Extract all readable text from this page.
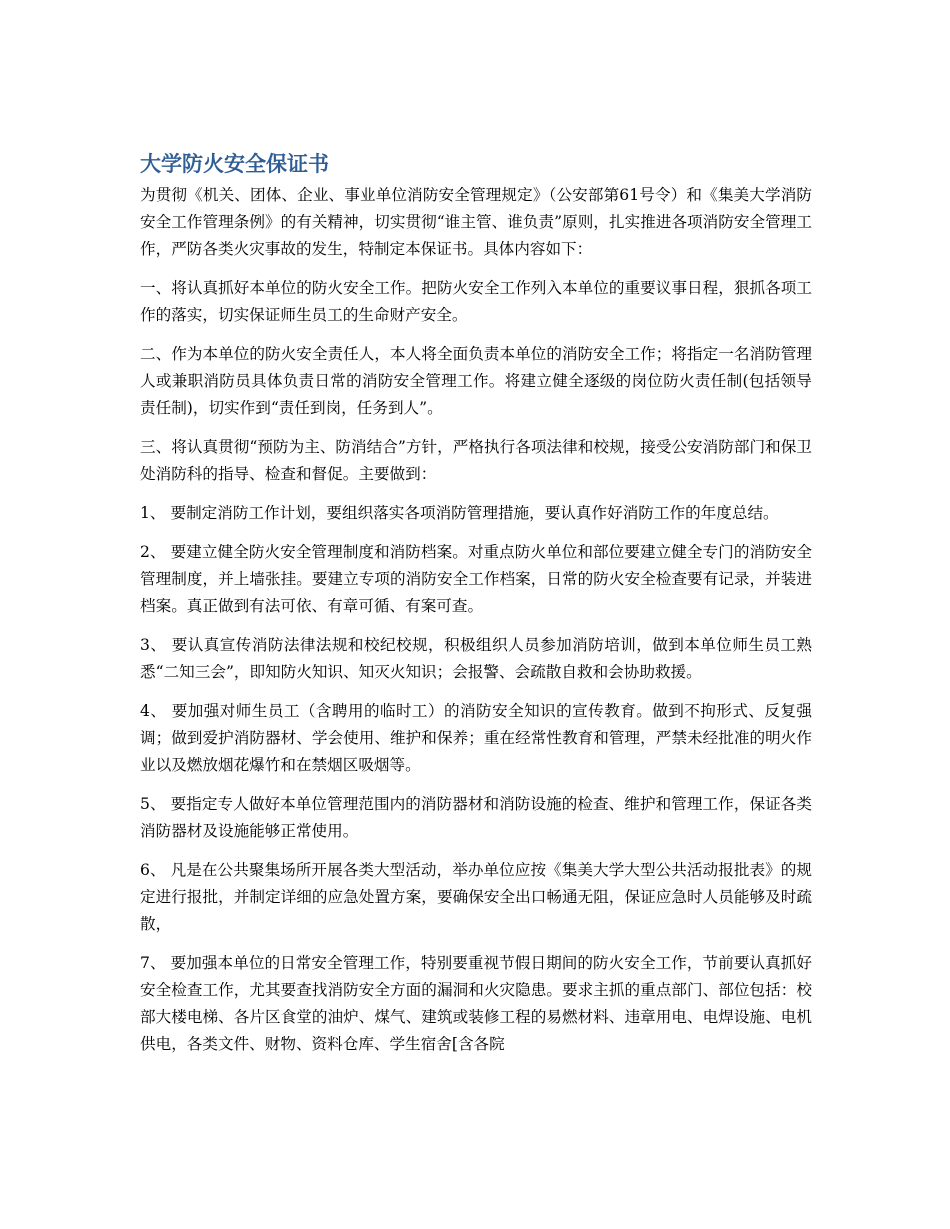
大学防火安全保证书

为贯彻《机关、团体、企业、事业单位消防安全管理规定》（公安部第61号令）和《集美大学消防安全工作管理条例》的有关精神，切实贯彻“谁主管、谁负责”原则，扎实推进各项消防安全管理工作，严防各类火灾事故的发生，特制定本保证书。具体内容如下：

一、将认真抓好本单位的防火安全工作。把防火安全工作列入本单位的重要议事日程，狠抓各项工作的落实，切实保证师生员工的生命财产安全。

二、作为本单位的防火安全责任人，本人将全面负责本单位的消防安全工作；将指定一名消防管理人或兼职消防员具体负责日常的消防安全管理工作。将建立健全逐级的岗位防火责任制(包括领导责任制)，切实作到“责任到岗，任务到人”。

三、将认真贯彻“预防为主、防消结合”方针，严格执行各项法律和校规，接受公安消防部门和保卫处消防科的指导、检查和督促。主要做到：

1、 要制定消防工作计划，要组织落实各项消防管理措施，要认真作好消防工作的年度总结。

2、 要建立健全防火安全管理制度和消防档案。对重点防火单位和部位要建立健全专门的消防安全管理制度，并上墙张挂。要建立专项的消防安全工作档案，日常的防火安全检查要有记录，并装进档案。真正做到有法可依、有章可循、有案可查。

3、 要认真宣传消防法律法规和校纪校规，积极组织人员参加消防培训，做到本单位师生员工熟悉“二知三会”，即知防火知识、知灭火知识；会报警、会疏散自救和会协助救援。

4、 要加强对师生员工（含聘用的临时工）的消防安全知识的宣传教育。做到不拘形式、反复强调；做到爱护消防器材、学会使用、维护和保养；重在经常性教育和管理，严禁未经批准的明火作业以及燃放烟花爆竹和在禁烟区吸烟等。

5、 要指定专人做好本单位管理范围内的消防器材和消防设施的检查、维护和管理工作，保证各类消防器材及设施能够正常使用。

6、 凡是在公共聚集场所开展各类大型活动，举办单位应按《集美大学大型公共活动报批表》的规定进行报批，并制定详细的应急处置方案，要确保安全出口畅通无阻，保证应急时人员能够及时疏散，

7、 要加强本单位的日常安全管理工作，特别要重视节假日期间的防火安全工作，节前要认真抓好安全检查工作，尤其要查找消防安全方面的漏洞和火灾隐患。要求主抓的重点部门、部位包括：校部大楼电梯、各片区食堂的油炉、煤气、建筑或装修工程的易燃材料、违章用电、电焊设施、电机供电，各类文件、财物、资料仓库、学生宿舍[含各院
